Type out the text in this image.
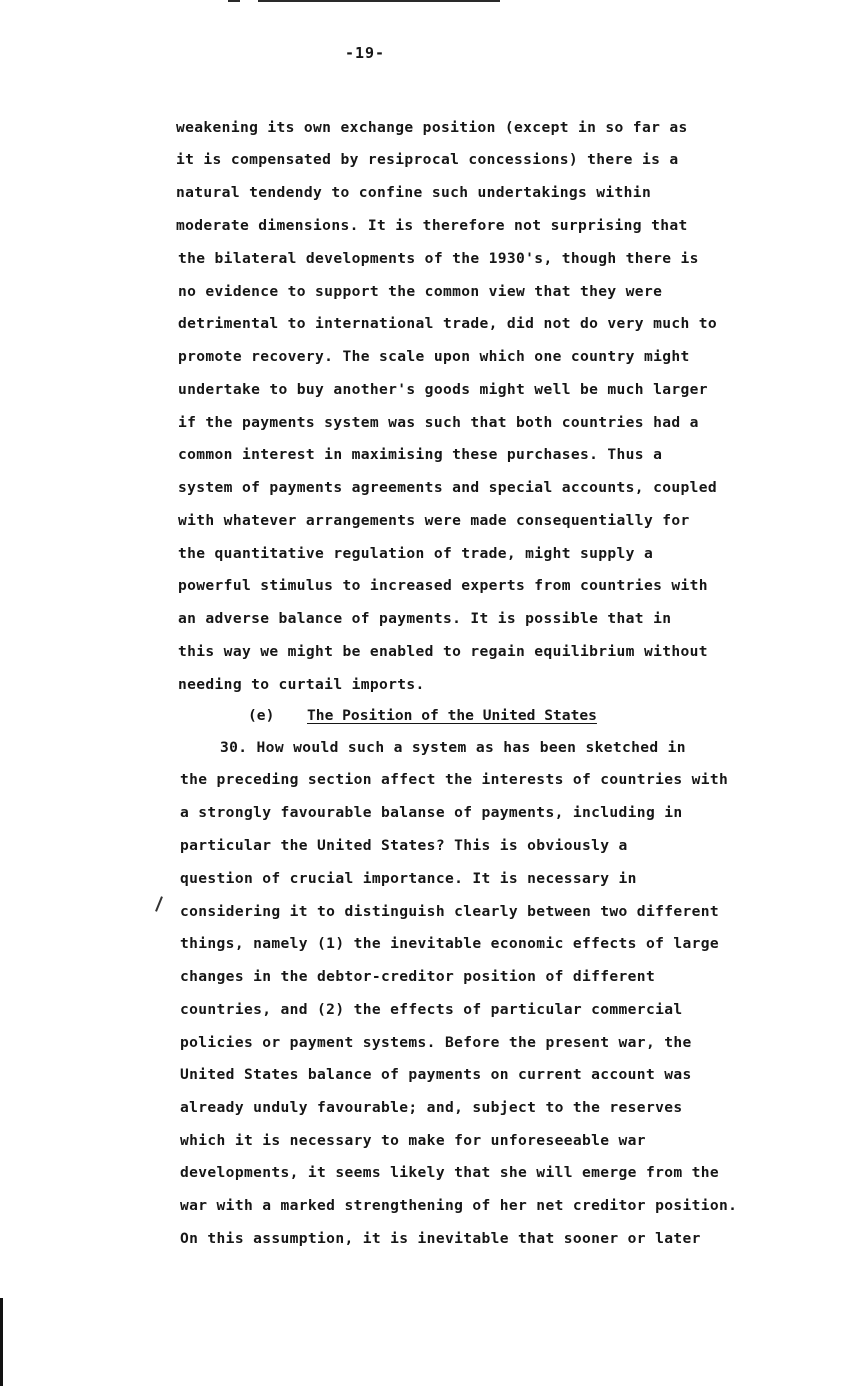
-19-
weakening its own exchange position (except in so far as
it is compensated by resiprocal concessions) there is a
natural tendendy to confine such undertakings within
moderate dimensions. It is therefore not surprising that
the bilateral developments of the 1930's, though there is
no evidence to support the common view that they were
detrimental to international trade, did not do very much to
promote recovery. The scale upon which one country might
undertake to buy another's goods might well be much larger
if the payments system was such that both countries had a
common interest in maximising these purchases. Thus a
system of payments agreements and special accounts, coupled
with whatever arrangements were made consequentially for
the quantitative regulation of trade, might supply a
powerful stimulus to increased experts from countries with
an adverse balance of payments. It is possible that in
this way we might be enabled to regain equilibrium without
needing to curtail imports.
(e) The Position of the United States
30. How would such a system as has been sketched in
the preceding section affect the interests of countries with
a strongly favourable balanse of payments, including in
particular the United States? This is obviously a
question of crucial importance. It is necessary in
considering it to distinguish clearly between two different
things, namely (1) the inevitable economic effects of large
changes in the debtor-creditor position of different
countries, and (2) the effects of particular commercial
policies or payment systems. Before the present war, the
United States balance of payments on current account was
already unduly favourable; and, subject to the reserves
which it is necessary to make for unforeseeable war
developments, it seems likely that she will emerge from the
war with a marked strengthening of her net creditor position.
On this assumption, it is inevitable that sooner or later
